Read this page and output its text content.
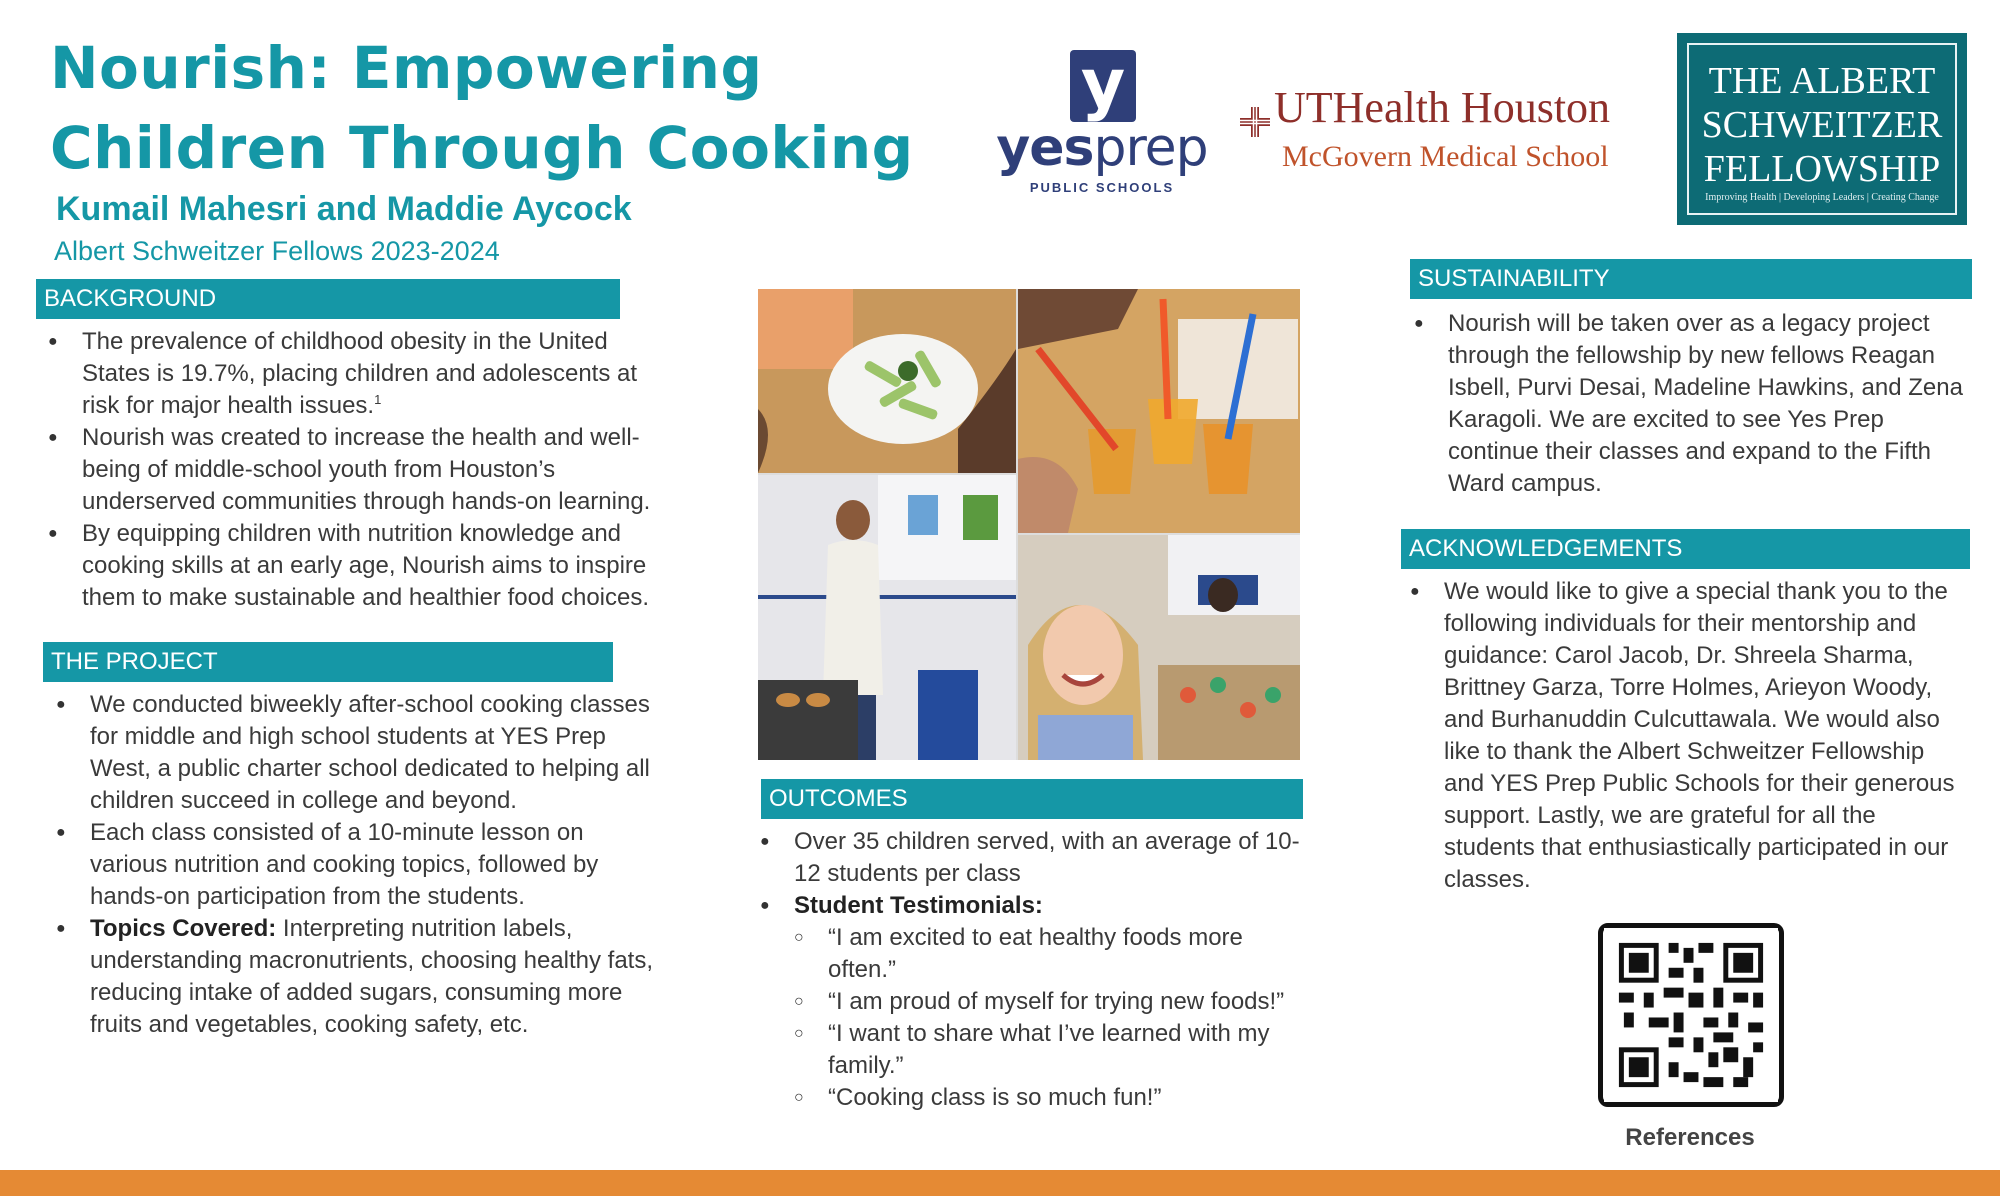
Nourish: Empowering
Children Through Cooking
Kumail Mahesri and Maddie Aycock
Albert Schweitzer Fellows 2023-2024
y
yesprep
PUBLIC SCHOOLS
UTHealth Houston
McGovern Medical School
THE ALBERT
SCHWEITZER
FELLOWSHIP
Improving Health | Developing Leaders | Creating Change
BACKGROUND
● The prevalence of childhood obesity in the United States is 19.7%, placing children and adolescents at risk for major health issues.$^1$
● Nourish was created to increase the health and well-being of middle-school youth from Houston’s underserved communities through hands-on learning.
● By equipping children with nutrition knowledge and cooking skills at an early age, Nourish aims to inspire them to make sustainable and healthier food choices.
THE PROJECT
● We conducted biweekly after-school cooking classes for middle and high school students at YES Prep West, a public charter school dedicated to helping all children succeed in college and beyond.
● Each class consisted of a 10-minute lesson on various nutrition and cooking topics, followed by hands-on participation from the students.
● Topics Covered: Interpreting nutrition labels, understanding macronutrients, choosing healthy fats, reducing intake of added sugars, consuming more fruits and vegetables, cooking safety, etc.
OUTCOMES
● Over 35 children served, with an average of 10-12 students per class
● Student Testimonials:
○ “I am excited to eat healthy foods more often.”
○ “I am proud of myself for trying new foods!”
○ “I want to share what I’ve learned with my family.”
○ “Cooking class is so much fun!”
SUSTAINABILITY
● Nourish will be taken over as a legacy project through the fellowship by new fellows Reagan Isbell, Purvi Desai, Madeline Hawkins, and Zena Karagoli. We are excited to see Yes Prep continue their classes and expand to the Fifth Ward campus.
ACKNOWLEDGEMENTS
● We would like to give a special thank you to the following individuals for their mentorship and guidance: Carol Jacob, Dr. Shreela Sharma, Brittney Garza, Torre Holmes, Arieyon Woody, and Burhanuddin Culcuttawala. We would also like to thank the Albert Schweitzer Fellowship and YES Prep Public Schools for their generous support. Lastly, we are grateful for all the students that enthusiastically participated in our classes.
References
